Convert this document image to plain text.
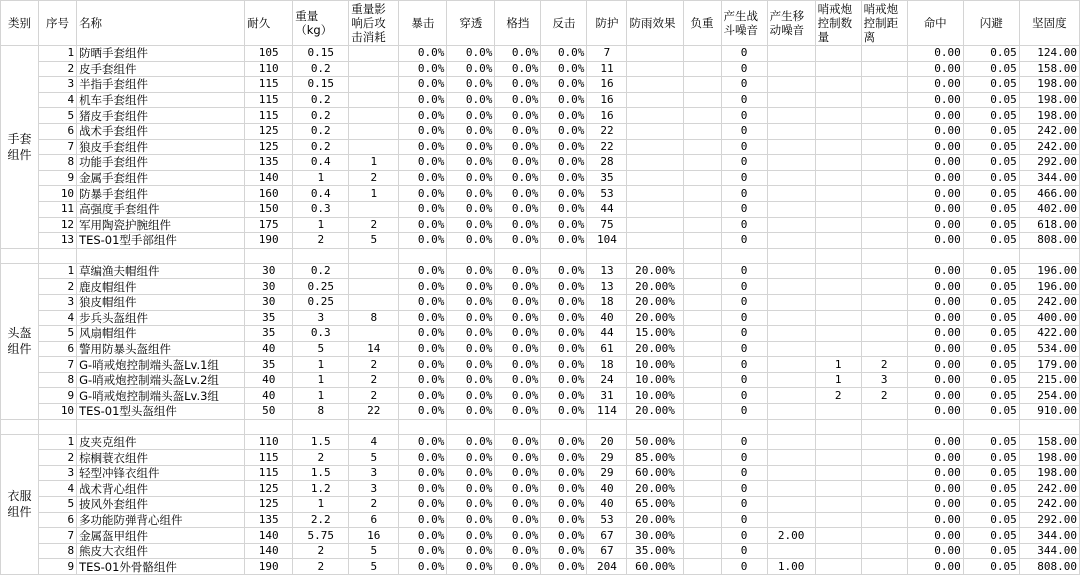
类别	序号	名称	耐久	重量（kg）	重量影响后攻击消耗	暴击	穿透	格挡	反击	防护	防雨效果	负重	产生战斗噪音	产生移动噪音	哨戒炮控制数量	哨戒炮控制距离	命中	闪避	坚固度
手套组件	1	防晒手套组件	105	0.15		0.0%	0.0%	0.0%	0.0%	7			0				0.00	0.05	124.00
	2	皮手套组件	110	0.2		0.0%	0.0%	0.0%	0.0%	11			0				0.00	0.05	158.00
	3	半指手套组件	115	0.15		0.0%	0.0%	0.0%	0.0%	16			0				0.00	0.05	198.00
	4	机车手套组件	115	0.2		0.0%	0.0%	0.0%	0.0%	16			0				0.00	0.05	198.00
	5	猪皮手套组件	115	0.2		0.0%	0.0%	0.0%	0.0%	16			0				0.00	0.05	198.00
	6	战术手套组件	125	0.2		0.0%	0.0%	0.0%	0.0%	22			0				0.00	0.05	242.00
	7	狼皮手套组件	125	0.2		0.0%	0.0%	0.0%	0.0%	22			0				0.00	0.05	242.00
	8	功能手套组件	135	0.4	1	0.0%	0.0%	0.0%	0.0%	28			0				0.00	0.05	292.00
	9	金属手套组件	140	1	2	0.0%	0.0%	0.0%	0.0%	35			0				0.00	0.05	344.00
	10	防暴手套组件	160	0.4	1	0.0%	0.0%	0.0%	0.0%	53			0				0.00	0.05	466.00
	11	高强度手套组件	150	0.3		0.0%	0.0%	0.0%	0.0%	44			0				0.00	0.05	402.00
	12	军用陶瓷护腕组件	175	1	2	0.0%	0.0%	0.0%	0.0%	75			0				0.00	0.05	618.00
	13	TES-01型手部组件	190	2	5	0.0%	0.0%	0.0%	0.0%	104			0				0.00	0.05	808.00

头盔组件	1	草编渔夫帽组件	30	0.2		0.0%	0.0%	0.0%	0.0%	13	20.00%		0				0.00	0.05	196.00
	2	鹿皮帽组件	30	0.25		0.0%	0.0%	0.0%	0.0%	13	20.00%		0				0.00	0.05	196.00
	3	狼皮帽组件	30	0.25		0.0%	0.0%	0.0%	0.0%	18	20.00%		0				0.00	0.05	242.00
	4	步兵头盔组件	35	3	8	0.0%	0.0%	0.0%	0.0%	40	20.00%		0				0.00	0.05	400.00
	5	风扇帽组件	35	0.3		0.0%	0.0%	0.0%	0.0%	44	15.00%		0				0.00	0.05	422.00
	6	警用防暴头盔组件	40	5	14	0.0%	0.0%	0.0%	0.0%	61	20.00%		0				0.00	0.05	534.00
	7	G-哨戒炮控制端头盔Lv.1组	35	1	2	0.0%	0.0%	0.0%	0.0%	18	10.00%		0		1	2	0.00	0.05	179.00
	8	G-哨戒炮控制端头盔Lv.2组	40	1	2	0.0%	0.0%	0.0%	0.0%	24	10.00%		0		1	3	0.00	0.05	215.00
	9	G-哨戒炮控制端头盔Lv.3组	40	1	2	0.0%	0.0%	0.0%	0.0%	31	10.00%		0		2	2	0.00	0.05	254.00
	10	TES-01型头盔组件	50	8	22	0.0%	0.0%	0.0%	0.0%	114	20.00%		0				0.00	0.05	910.00

衣服组件	1	皮夹克组件	110	1.5	4	0.0%	0.0%	0.0%	0.0%	20	50.00%		0				0.00	0.05	158.00
	2	棕榈蓑衣组件	115	2	5	0.0%	0.0%	0.0%	0.0%	29	85.00%		0				0.00	0.05	198.00
	3	轻型冲锋衣组件	115	1.5	3	0.0%	0.0%	0.0%	0.0%	29	60.00%		0				0.00	0.05	198.00
	4	战术背心组件	125	1.2	3	0.0%	0.0%	0.0%	0.0%	40	20.00%		0				0.00	0.05	242.00
	5	披风外套组件	125	1	2	0.0%	0.0%	0.0%	0.0%	40	65.00%		0				0.00	0.05	242.00
	6	多功能防弹背心组件	135	2.2	6	0.0%	0.0%	0.0%	0.0%	53	20.00%		0				0.00	0.05	292.00
	7	金属盔甲组件	140	5.75	16	0.0%	0.0%	0.0%	0.0%	67	30.00%		0	2.00			0.00	0.05	344.00
	8	熊皮大衣组件	140	2	5	0.0%	0.0%	0.0%	0.0%	67	35.00%		0				0.00	0.05	344.00
	9	TES-01外骨骼组件	190	2	5	0.0%	0.0%	0.0%	0.0%	204	60.00%		0	1.00			0.00	0.05	808.00
